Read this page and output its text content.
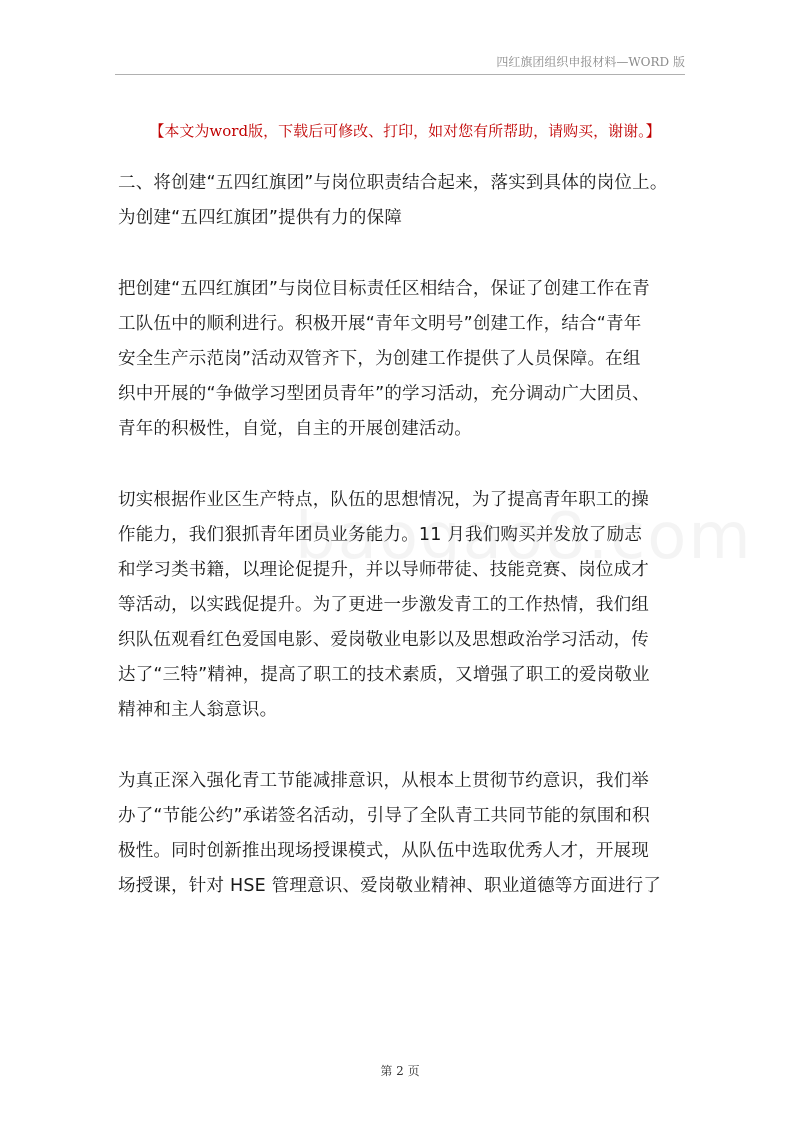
四红旗团组织申报材料—WORD 版
【本文为word版，下载后可修改、打印，如对您有所帮助，请购买，谢谢。】
二、将创建“五四红旗团”与岗位职责结合起来，落实到具体的岗位上。
为创建“五四红旗团”提供有力的保障
把创建“五四红旗团”与岗位目标责任区相结合，保证了创建工作在青
工队伍中的顺利进行。积极开展“青年文明号”创建工作，结合“青年
安全生产示范岗”活动双管齐下，为创建工作提供了人员保障。在组
织中开展的“争做学习型团员青年”的学习活动，充分调动广大团员、
青年的积极性，自觉，自主的开展创建活动。
切实根据作业区生产特点，队伍的思想情况，为了提高青年职工的操
作能力，我们狠抓青年团员业务能力。11 月我们购买并发放了励志
和学习类书籍，以理论促提升，并以导师带徒、技能竞赛、岗位成才
等活动，以实践促提升。为了更进一步激发青工的工作热情，我们组
织队伍观看红色爱国电影、爱岗敬业电影以及思想政治学习活动，传
达了“三特”精神，提高了职工的技术素质，又增强了职工的爱岗敬业
精神和主人翁意识。
为真正深入强化青工节能减排意识，从根本上贯彻节约意识，我们举
办了“节能公约”承诺签名活动，引导了全队青工共同节能的氛围和积
极性。同时创新推出现场授课模式，从队伍中选取优秀人才，开展现
场授课，针对 HSE 管理意识、爱岗敬业精神、职业道德等方面进行了
第 2 页
